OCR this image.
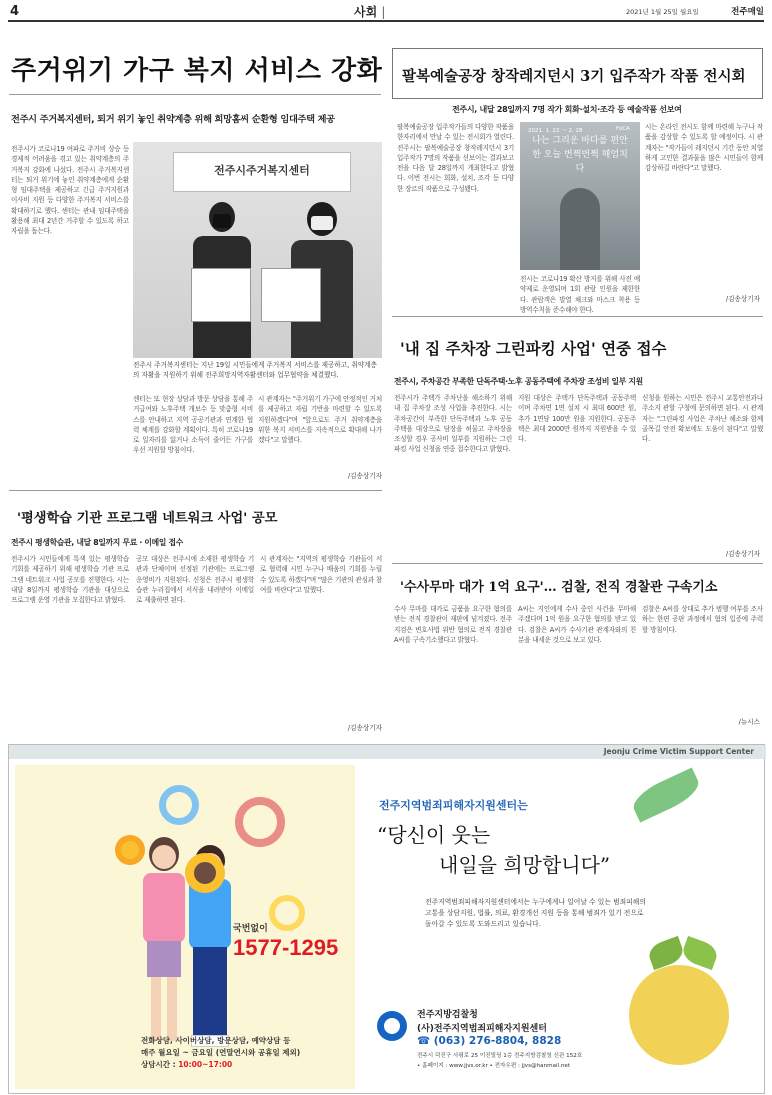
4	사회 |	2021년 1월 25일 월요일	전주매일
주거위기 가구 복지 서비스 강화
전주시 주거복지센터, 퇴거 위기 놓인 취약계층 위해 희망홈씨 순환형 임대주택 제공
전주시가 코로나19 여파로 주거비 상승 등 경제적 어려움을 겪고 있는 취약계층의 주거복지 강화에 나섰다. 전주시 주거복지센터는 퇴거 위기에 놓인 취약계층에게 순환형 임대주택을 제공하고 긴급 주거지원과 이사비 지원 등 다양한 주거복지 서비스를 확대하기로 했다. 센터는 관내 임대주택을 활용해 최대 2년간 거주할 수 있도록 하고 자립을 돕는다.
전주시주거복지센터
전주시 주거복지센터는 지난 19일 시민들에게 주거복지 서비스를 제공하고, 취약계층의 자활을 지원하기 위해 전주희망지역자활센터와 업무협약을 체결했다.
센터는 또 현장 상담과 방문 상담을 통해 주거급여와 노후주택 개보수 등 맞춤형 서비스를 안내하고 지역 공공기관과 연계한 협력 체계를 강화할 계획이다. 특히 코로나19로 일자리를 잃거나 소득이 줄어든 가구를 우선 지원할 방침이다.
시 관계자는 "주거위기 가구에 안정적인 거처를 제공하고 자립 기반을 마련할 수 있도록 지원하겠다"며 "앞으로도 주거 취약계층을 위한 복지 서비스를 지속적으로 확대해 나가겠다"고 말했다.
/김송상기자
팔복예술공장 창작레지던시 3기 입주작가 작품 전시회
전주시, 내달 28일까지 7명 작가 회화·설치·조각 등 예술작품 선보여
팔복예술공장 입주작가들의 다양한 작품을 한자리에서 만날 수 있는 전시회가 열린다. 전주시는 팔복예술공장 창작레지던시 3기 입주작가 7명의 작품을 선보이는 결과보고전을 다음 달 28일까지 개최한다고 밝혔다. 이번 전시는 회화, 설치, 조각 등 다양한 장르의 작품으로 구성됐다.
2021. 1. 22 ～ 2. 28	FoCA
나는 그리운 바다를 편안한 오늘 번쩍번쩍 해엄치다
전시는 코로나19 확산 방지를 위해 사전 예약제로 운영되며 1회 관람 인원을 제한한다. 관람객은 발열 체크와 마스크 착용 등 방역수칙을 준수해야 한다.
시는 온라인 전시도 함께 마련해 누구나 작품을 감상할 수 있도록 할 예정이다. 시 관계자는 "작가들이 레지던시 기간 동안 치열하게 고민한 결과물을 많은 시민들이 함께 감상하길 바란다"고 말했다.
/김송상기자
'내 집 주차장 그린파킹 사업' 연중 접수
전주시, 주차공간 부족한 단독주택·노후 공동주택에 주차장 조성비 일부 지원
전주시가 주택가 주차난을 해소하기 위해 내 집 주차장 조성 사업을 추진한다. 시는 주차공간이 부족한 단독주택과 노후 공동주택을 대상으로 담장을 허물고 주차장을 조성할 경우 공사비 일부를 지원하는 그린파킹 사업 신청을 연중 접수한다고 밝혔다.
지원 대상은 주택가 단독주택과 공동주택이며 주차면 1면 설치 시 최대 600만 원, 추가 1면당 100만 원을 지원한다. 공동주택은 최대 2000만 원까지 지원받을 수 있다.
신청을 원하는 시민은 전주시 교통안전과나 주소지 관할 구청에 문의하면 된다. 시 관계자는 "그린파킹 사업은 주차난 해소와 함께 골목길 안전 확보에도 도움이 된다"고 말했다.
/김송상기자
'평생학습 기관 프로그램 네트워크 사업' 공모
전주시 평생학습관, 내달 8일까지 무료 · 이메일 접수
전주시가 시민들에게 특색 있는 평생학습 기회를 제공하기 위해 평생학습 기관 프로그램 네트워크 사업 공모를 진행한다. 시는 내달 8일까지 평생학습 기관을 대상으로 프로그램 운영 기관을 모집한다고 밝혔다.
공모 대상은 전주시에 소재한 평생학습 기관과 단체이며 선정된 기관에는 프로그램 운영비가 지원된다. 신청은 전주시 평생학습관 누리집에서 서식을 내려받아 이메일로 제출하면 된다.
시 관계자는 "지역의 평생학습 기관들이 서로 협력해 시민 누구나 배움의 기회를 누릴 수 있도록 하겠다"며 "많은 기관의 관심과 참여를 바란다"고 말했다.
/김송상기자
'수사무마 대가 1억 요구'… 검찰, 전직 경찰관 구속기소
수사 무마를 대가로 금품을 요구한 혐의를 받는 전직 경찰관이 재판에 넘겨졌다. 전주지검은 변호사법 위반 혐의로 전직 경찰관 A씨를 구속기소했다고 밝혔다.
A씨는 지인에게 수사 중인 사건을 무마해주겠다며 1억 원을 요구한 혐의를 받고 있다. 검찰은 A씨가 수사기관 관계자와의 친분을 내세운 것으로 보고 있다.
검찰은 A씨를 상대로 추가 범행 여부를 조사하는 한편 공판 과정에서 혐의 입증에 주력할 방침이다.
/뉴시스
Jeonju Crime Victim Support Center
국번없이
1577-1295
전화상담, 사이버상담, 방문상담, 예약상담 등
매주 월요일 ~ 금요일 (연말연시와 공휴일 제외)
상담시간 : 10:00~17:00
전주지역범죄피해자지원센터는
“당신이 웃는
내일을 희망합니다”
전주지역범죄피해자지원센터에서는 누구에게나 일어날 수 있는 범죄피해의 고통을 상담지원, 법률, 의료, 환경개선 지원 등을 통해 범죄가 있기 전으로 돌아갈 수 있도록 도와드리고 있습니다.
전주지방검찰청
(사)전주지역범죄피해자지원센터
☎ (063) 276-8804, 8828
전주시 덕진구 사평로 25 이진빌딩 1층 전주지방검찰청 신관 152호
• 홈페이지 : www.jjvs.or.kr • 전자우편 : jjvs@hanmail.net
